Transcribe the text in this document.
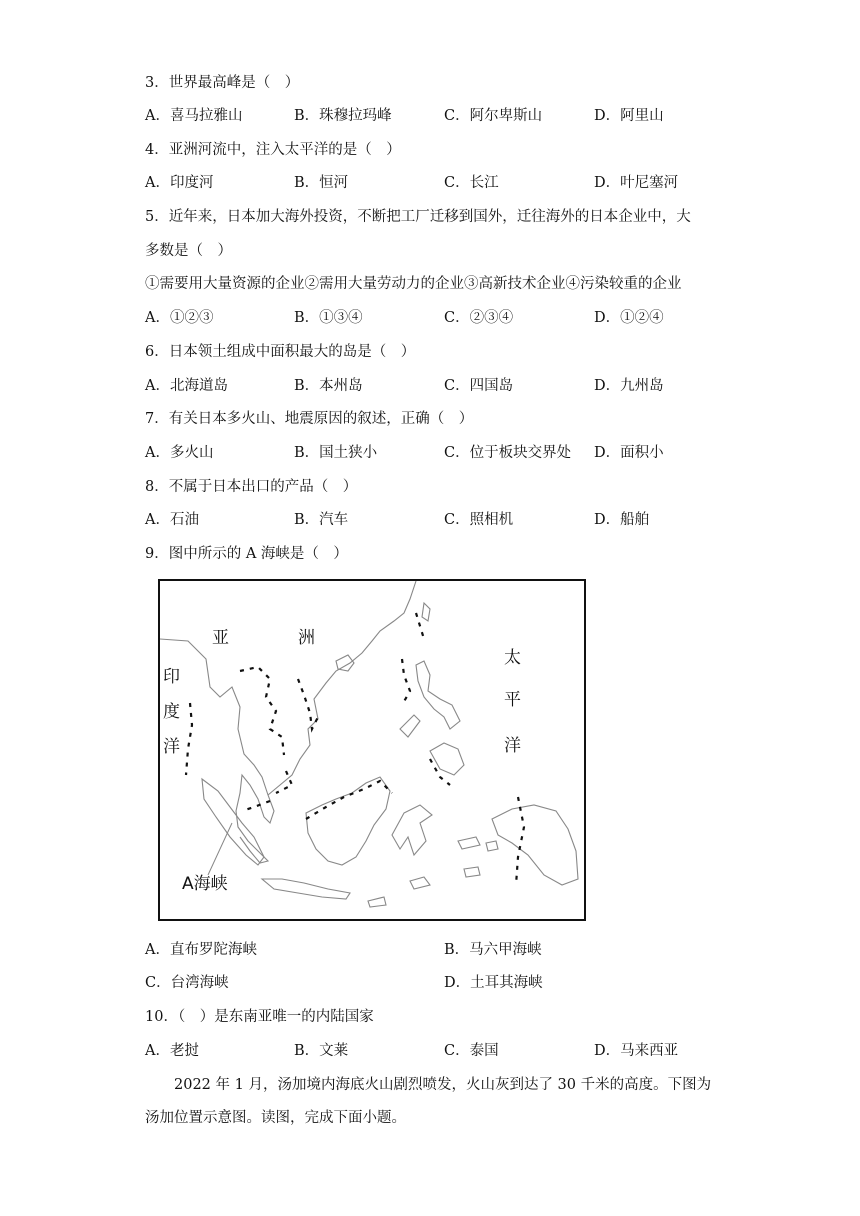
3．世界最高峰是（　）
A．喜马拉雅山	B．珠穆拉玛峰	C．阿尔卑斯山	D．阿里山
4．亚洲河流中，注入太平洋的是（　）
A．印度河	B．恒河	C．长江	D．叶尼塞河
5．近年来，日本加大海外投资，不断把工厂迁移到国外，迁往海外的日本企业中，大
多数是（　）
①需要用大量资源的企业②需用大量劳动力的企业③高新技术企业④污染较重的企业
A．①②③	B．①③④	C．②③④	D．①②④
6．日本领土组成中面积最大的岛是（　）
A．北海道岛	B．本州岛	C．四国岛	D．九州岛
7．有关日本多火山、地震原因的叙述，正确（　）
A．多火山	B．国土狭小	C．位于板块交界处 D．面积小
8．不属于日本出口的产品（　）
A．石油	B．汽车	C．照相机	D．船舶
9．图中所示的 A 海峡是（　）
亚	洲
印
度
洋
太
平
洋
A海峡
A．直布罗陀海峡	B．马六甲海峡
C．台湾海峡	D．土耳其海峡
10．（　）是东南亚唯一的内陆国家
A．老挝	B．文莱	C．泰国	D．马来西亚
2022 年 1 月，汤加境内海底火山剧烈喷发，火山灰到达了 30 千米的高度。下图为
汤加位置示意图。读图，完成下面小题。
